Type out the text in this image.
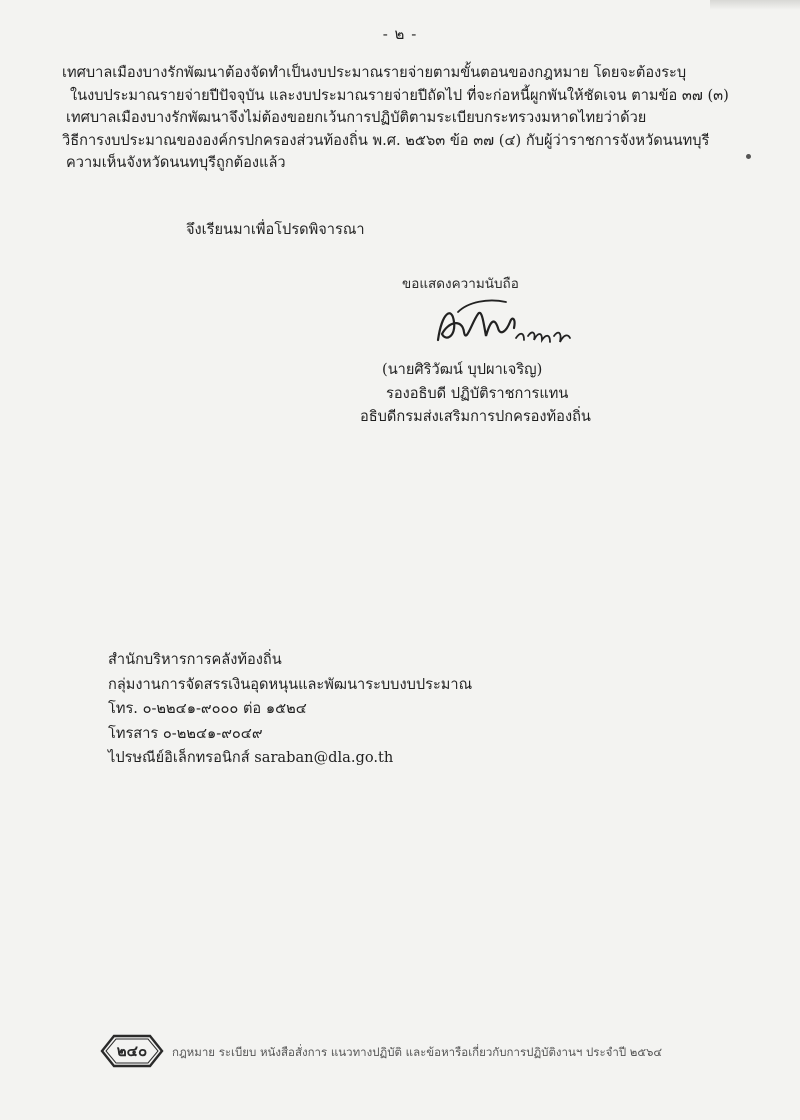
- ๒ -
เทศบาลเมืองบางรักพัฒนาต้องจัดทำเป็นงบประมาณรายจ่ายตามขั้นตอนของกฎหมาย โดยจะต้องระบุ
ในงบประมาณรายจ่ายปีปัจจุบัน และงบประมาณรายจ่ายปีถัดไป ที่จะก่อหนี้ผูกพันให้ชัดเจน ตามข้อ ๓๗ (๓)
เทศบาลเมืองบางรักพัฒนาจึงไม่ต้องขอยกเว้นการปฏิบัติตามระเบียบกระทรวงมหาดไทยว่าด้วย
วิธีการงบประมาณขององค์กรปกครองส่วนท้องถิ่น พ.ศ. ๒๕๖๓ ข้อ ๓๗ (๔) กับผู้ว่าราชการจังหวัดนนทบุรี
ความเห็นจังหวัดนนทบุรีถูกต้องแล้ว
จึงเรียนมาเพื่อโปรดพิจารณา
ขอแสดงความนับถือ
(นายศิริวัฒน์ บุปผาเจริญ)
รองอธิบดี ปฏิบัติราชการแทน
อธิบดีกรมส่งเสริมการปกครองท้องถิ่น
สำนักบริหารการคลังท้องถิ่น
กลุ่มงานการจัดสรรเงินอุดหนุนและพัฒนาระบบงบประมาณ
โทร. ๐-๒๒๔๑-๙๐๐๐ ต่อ ๑๕๒๔
โทรสาร ๐-๒๒๔๑-๙๐๔๙
ไปรษณีย์อิเล็กทรอนิกส์ saraban@dla.go.th
๒๔๐	กฎหมาย ระเบียบ หนังสือสั่งการ แนวทางปฏิบัติ และข้อหารือเกี่ยวกับการปฏิบัติงานฯ ประจำปี ๒๕๖๔
